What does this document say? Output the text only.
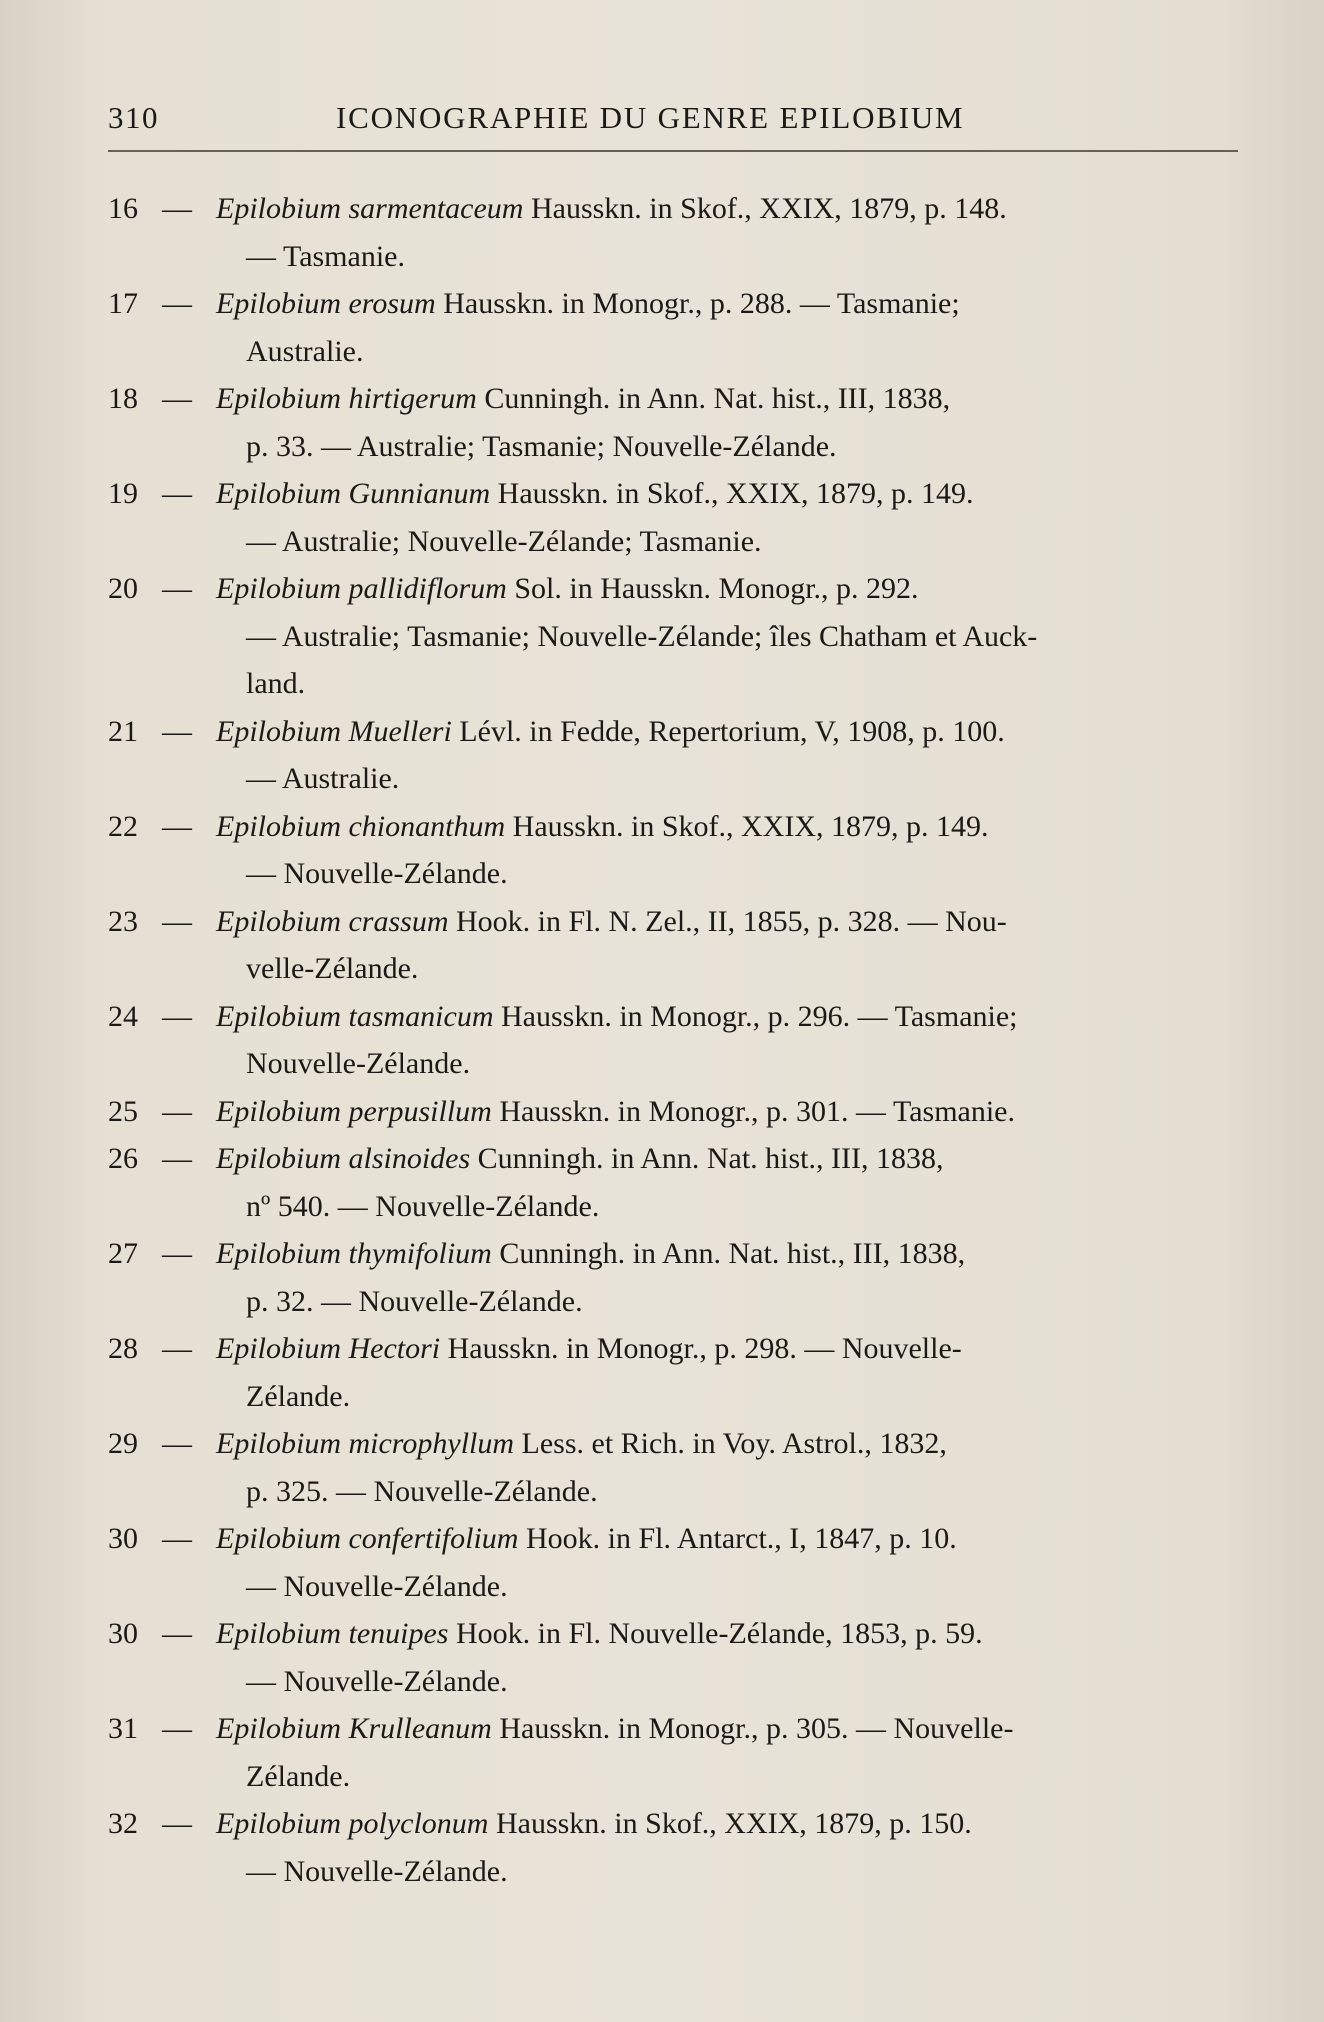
310	ICONOGRAPHIE DU GENRE EPILOBIUM
16 — Epilobium sarmentaceum Hausskn. in Skof., XXIX, 1879, p. 148.
— Tasmanie.
17 — Epilobium erosum Hausskn. in Monogr., p. 288. — Tasmanie;
Australie.
18 — Epilobium hirtigerum Cunningh. in Ann. Nat. hist., III, 1838,
p. 33. — Australie; Tasmanie; Nouvelle-Zélande.
19 — Epilobium Gunnianum Hausskn. in Skof., XXIX, 1879, p. 149.
— Australie; Nouvelle-Zélande; Tasmanie.
20 — Epilobium pallidiflorum Sol. in Hausskn. Monogr., p. 292.
— Australie; Tasmanie; Nouvelle-Zélande; îles Chatham et Auck-
land.
21 — Epilobium Muelleri Lévl. in Fedde, Repertorium, V, 1908, p. 100.
— Australie.
22 — Epilobium chionanthum Hausskn. in Skof., XXIX, 1879, p. 149.
— Nouvelle-Zélande.
23 — Epilobium crassum Hook. in Fl. N. Zel., II, 1855, p. 328. — Nou-
velle-Zélande.
24 — Epilobium tasmanicum Hausskn. in Monogr., p. 296. — Tasmanie;
Nouvelle-Zélande.
25 — Epilobium perpusillum Hausskn. in Monogr., p. 301. — Tasmanie.
26 — Epilobium alsinoides Cunningh. in Ann. Nat. hist., III, 1838,
nº 540. — Nouvelle-Zélande.
27 — Epilobium thymifolium Cunningh. in Ann. Nat. hist., III, 1838,
p. 32. — Nouvelle-Zélande.
28 — Epilobium Hectori Hausskn. in Monogr., p. 298. — Nouvelle-
Zélande.
29 — Epilobium microphyllum Less. et Rich. in Voy. Astrol., 1832,
p. 325. — Nouvelle-Zélande.
30 — Epilobium confertifolium Hook. in Fl. Antarct., I, 1847, p. 10.
— Nouvelle-Zélande.
30 — Epilobium tenuipes Hook. in Fl. Nouvelle-Zélande, 1853, p. 59.
— Nouvelle-Zélande.
31 — Epilobium Krulleanum Hausskn. in Monogr., p. 305. — Nouvelle-
Zélande.
32 — Epilobium polyclonum Hausskn. in Skof., XXIX, 1879, p. 150.
— Nouvelle-Zélande.
